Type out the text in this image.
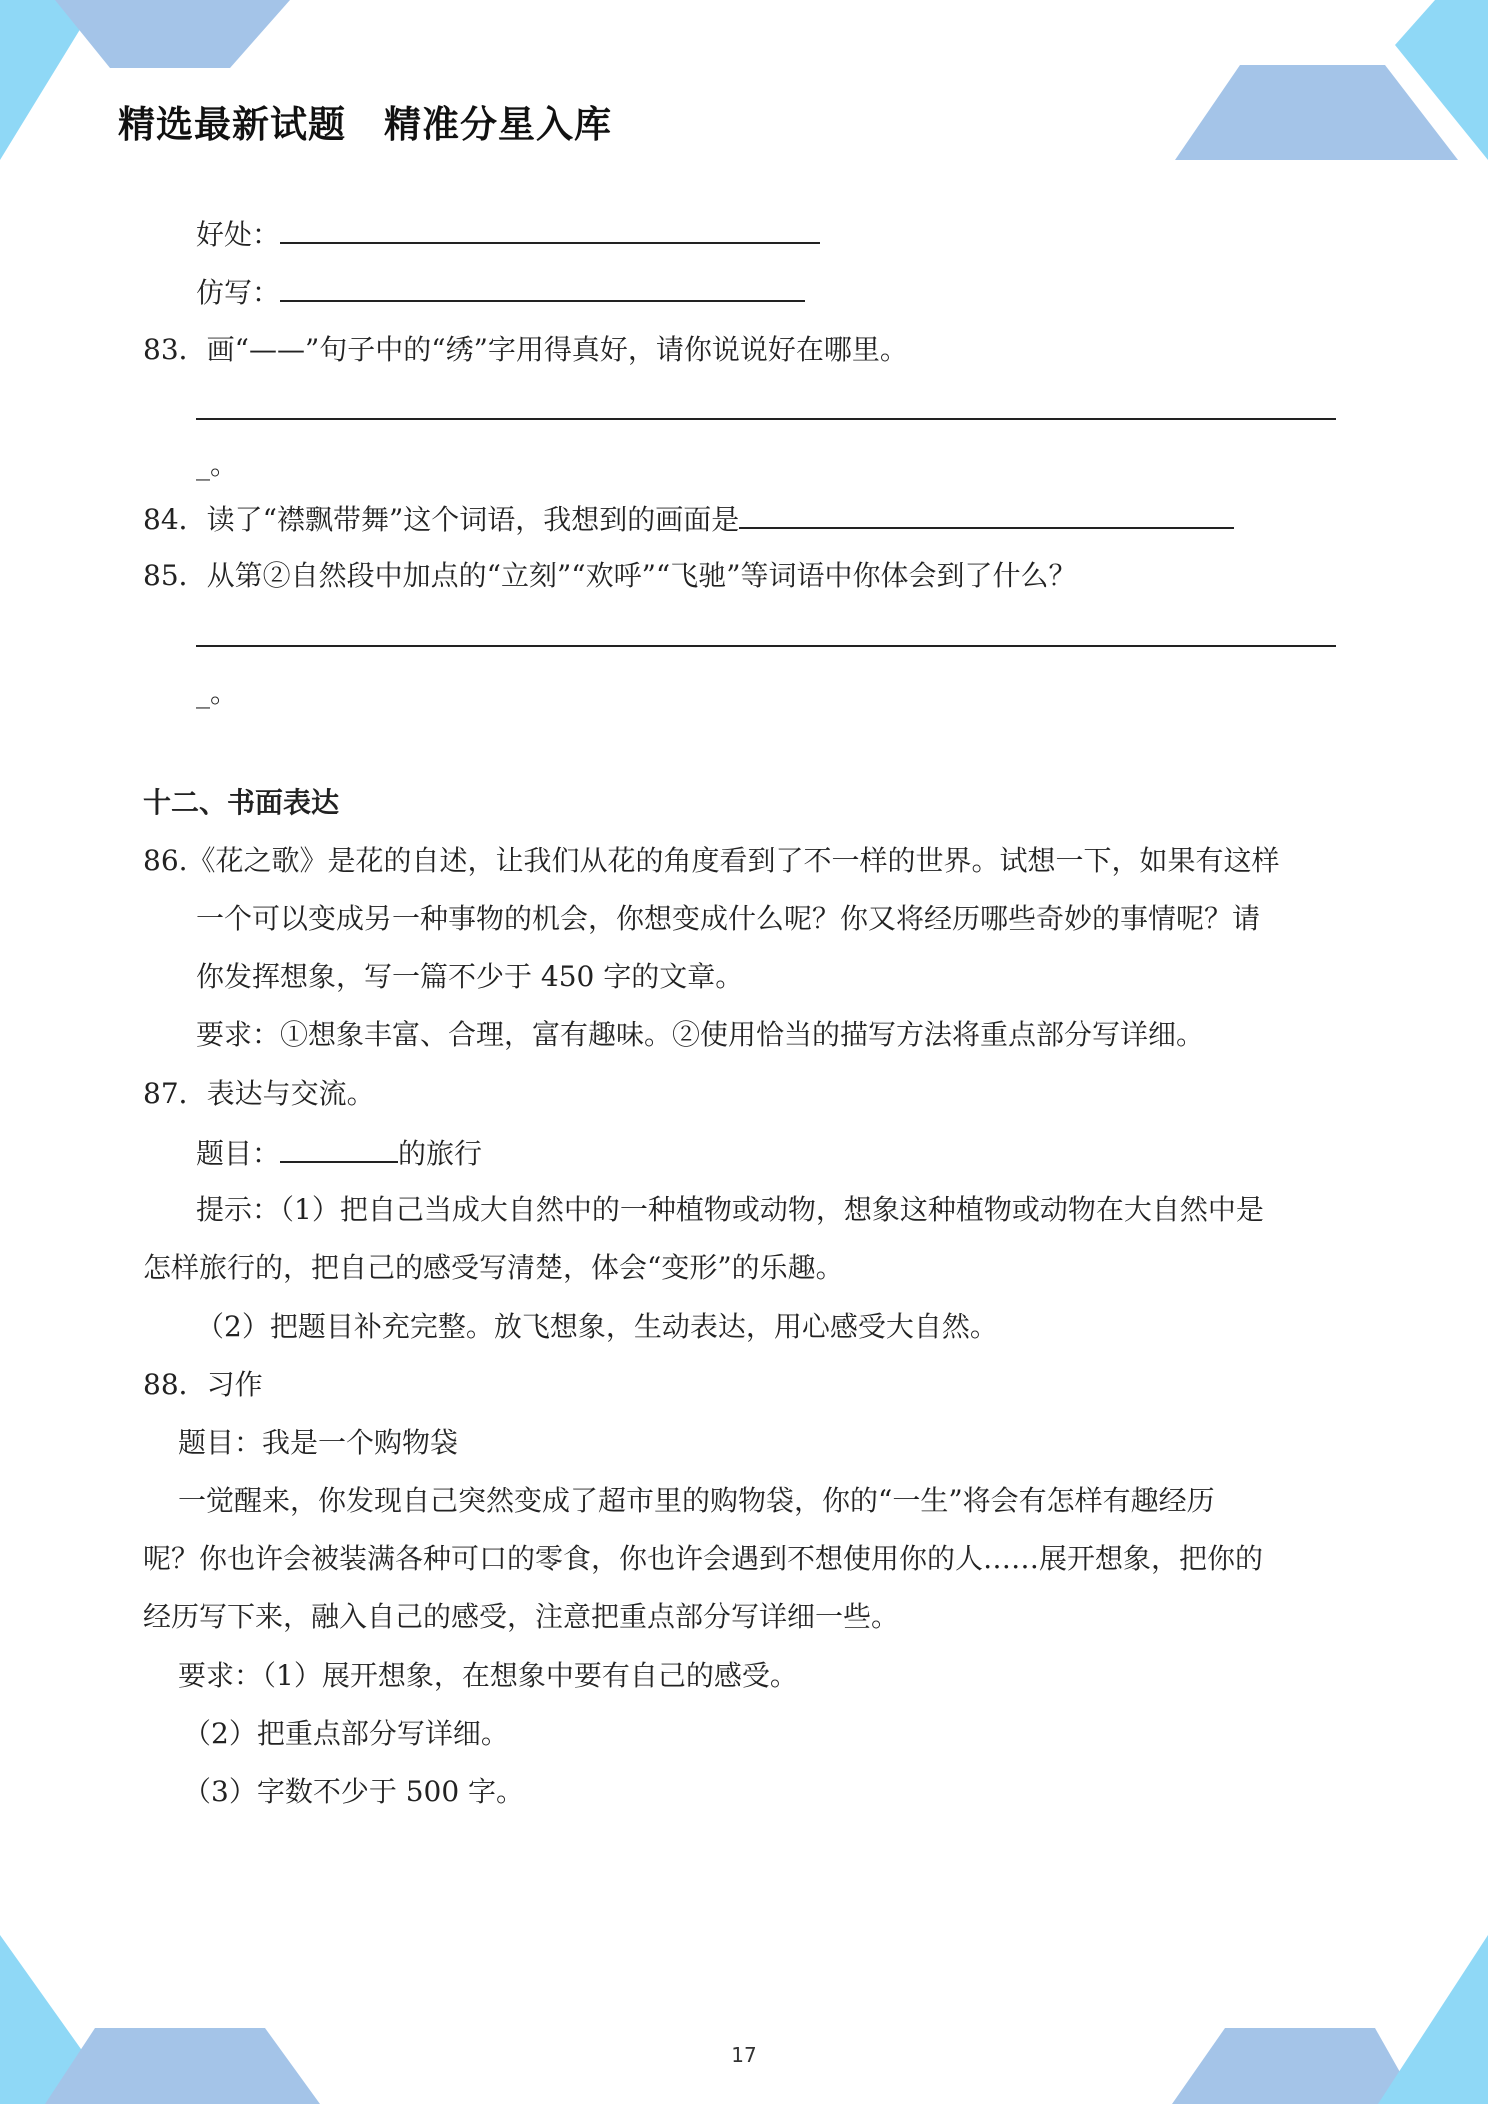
精选最新试题 精准分星入库
好处：
仿写：
83．画“——”句子中的“绣”字用得真好，请你说说好在哪里。
_。
84．读了“襟飘带舞”这个词语，我想到的画面是
85．从第②自然段中加点的“立刻”“欢呼”“飞驰”等词语中你体会到了什么？
_。
十二、书面表达
86.《花之歌》是花的自述，让我们从花的角度看到了不一样的世界。试想一下，如果有这样
一个可以变成另一种事物的机会，你想变成什么呢？你又将经历哪些奇妙的事情呢？请
你发挥想象，写一篇不少于 450 字的文章。
要求：①想象丰富、合理，富有趣味。②使用恰当的描写方法将重点部分写详细。
87．表达与交流。
题目：	的旅行
提示：（1）把自己当成大自然中的一种植物或动物，想象这种植物或动物在大自然中是
怎样旅行的，把自己的感受写清楚，体会“变形”的乐趣。
（2）把题目补充完整。放飞想象，生动表达，用心感受大自然。
88．习作
题目：我是一个购物袋
一觉醒来，你发现自己突然变成了超市里的购物袋，你的“一生”将会有怎样有趣经历
呢？你也许会被装满各种可口的零食，你也许会遇到不想使用你的人……展开想象，把你的
经历写下来，融入自己的感受，注意把重点部分写详细一些。
要求：（1）展开想象，在想象中要有自己的感受。
（2）把重点部分写详细。
（3）字数不少于 500 字。
17
